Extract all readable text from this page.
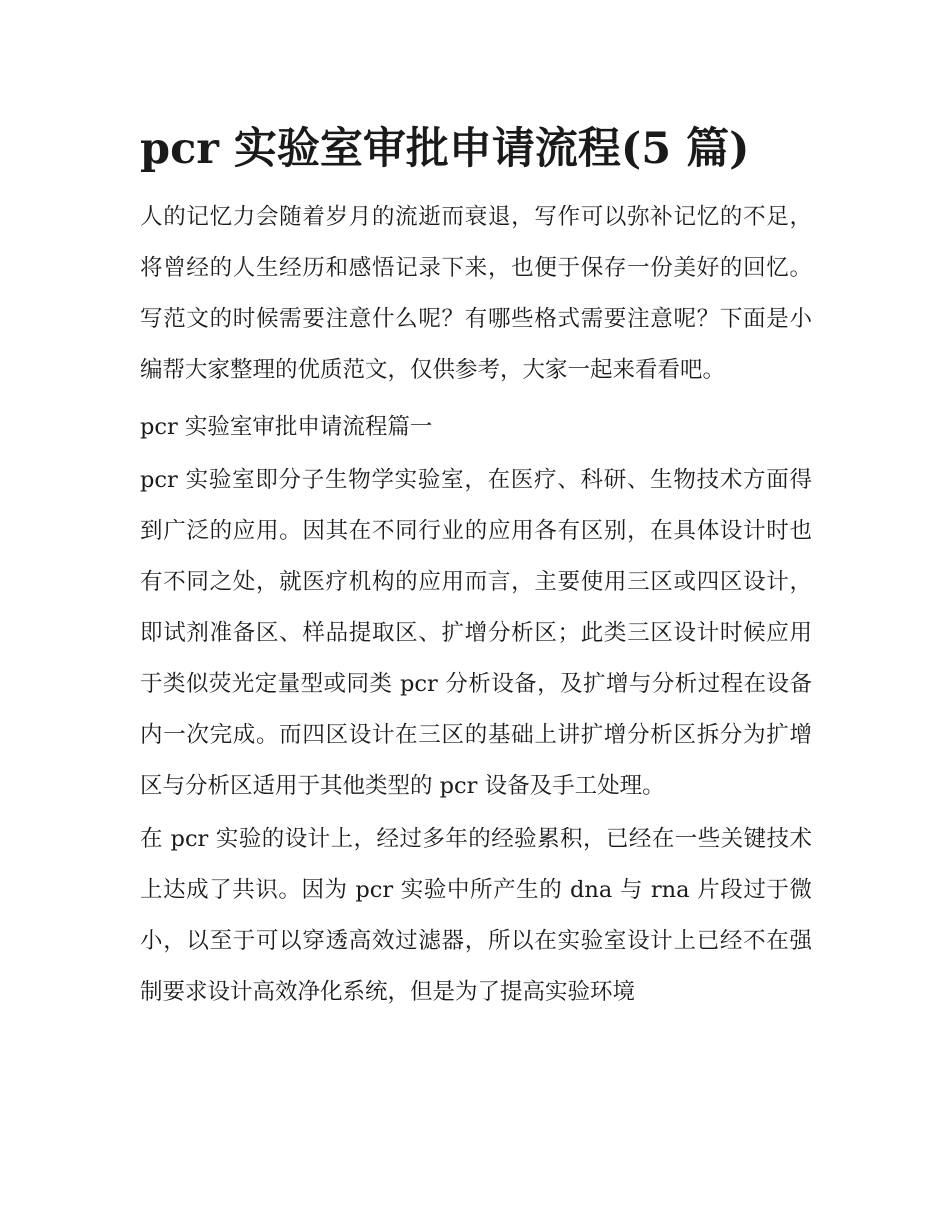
pcr 实验室审批申请流程(5 篇)

人的记忆力会随着岁月的流逝而衰退，写作可以弥补记忆的不足，将曾经的人生经历和感悟记录下来，也便于保存一份美好的回忆。写范文的时候需要注意什么呢？有哪些格式需要注意呢？下面是小编帮大家整理的优质范文，仅供参考，大家一起来看看吧。

pcr 实验室审批申请流程篇一

pcr 实验室即分子生物学实验室，在医疗、科研、生物技术方面得到广泛的应用。因其在不同行业的应用各有区别，在具体设计时也有不同之处，就医疗机构的应用而言，主要使用三区或四区设计，即试剂准备区、样品提取区、扩增分析区；此类三区设计时候应用于类似荧光定量型或同类 pcr 分析设备，及扩增与分析过程在设备内一次完成。而四区设计在三区的基础上讲扩增分析区拆分为扩增区与分析区适用于其他类型的 pcr 设备及手工处理。

在 pcr 实验的设计上，经过多年的经验累积，已经在一些关键技术上达成了共识。因为 pcr 实验中所产生的 dna 与 rna 片段过于微小，以至于可以穿透高效过滤器，所以在实验室设计上已经不在强制要求设计高效净化系统，但是为了提高实验环境
